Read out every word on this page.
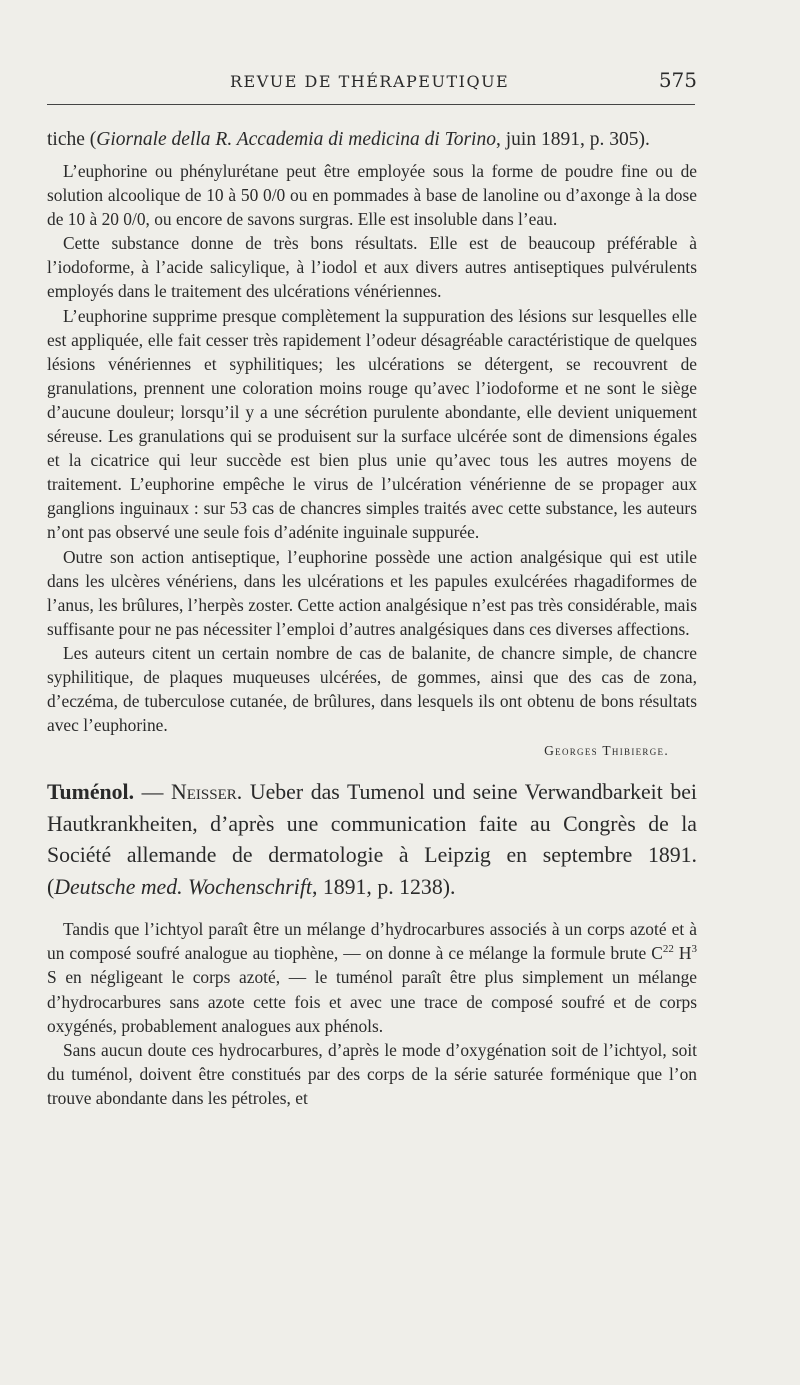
REVUE DE THÉRAPEUTIQUE	575

tiche (Giornale della R. Accademia di medicina di Torino, juin 1891, p. 305).

L’euphorine ou phénylurétane peut être employée sous la forme de poudre fine ou de solution alcoolique de 10 à 50 0/0 ou en pommades à base de lanoline ou d’axonge à la dose de 10 à 20 0/0, ou encore de savons surgras. Elle est insoluble dans l’eau.

Cette substance donne de très bons résultats. Elle est de beaucoup préférable à l’iodoforme, à l’acide salicylique, à l’iodol et aux divers autres antiseptiques pulvérulents employés dans le traitement des ulcérations vénériennes.

L’euphorine supprime presque complètement la suppuration des lésions sur lesquelles elle est appliquée, elle fait cesser très rapidement l’odeur désagréable caractéristique de quelques lésions vénériennes et syphilitiques; les ulcérations se détergent, se recouvrent de granulations, prennent une coloration moins rouge qu’avec l’iodoforme et ne sont le siège d’aucune douleur; lorsqu’il y a une sécrétion purulente abondante, elle devient uniquement séreuse. Les granulations qui se produisent sur la surface ulcérée sont de dimensions égales et la cicatrice qui leur succède est bien plus unie qu’avec tous les autres moyens de traitement. L’euphorine empêche le virus de l’ulcération vénérienne de se propager aux ganglions inguinaux : sur 53 cas de chancres simples traités avec cette substance, les auteurs n’ont pas observé une seule fois d’adénite inguinale suppurée.

Outre son action antiseptique, l’euphorine possède une action analgésique qui est utile dans les ulcères vénériens, dans les ulcérations et les papules exulcérées rhagadiformes de l’anus, les brûlures, l’herpès zoster. Cette action analgésique n’est pas très considérable, mais suffisante pour ne pas nécessiter l’emploi d’autres analgésiques dans ces diverses affections.

Les auteurs citent un certain nombre de cas de balanite, de chancre simple, de chancre syphilitique, de plaques muqueuses ulcérées, de gommes, ainsi que des cas de zona, d’eczéma, de tuberculose cutanée, de brûlures, dans lesquels ils ont obtenu de bons résultats avec l’euphorine.

Georges Thibierge.

Tuménol. — Neisser. Ueber das Tumenol und seine Verwandbarkeit bei Hautkrankheiten, d’après une communication faite au Congrès de la Société allemande de dermatologie à Leipzig en septembre 1891. (Deutsche med. Wochenschrift, 1891, p. 1238).

Tandis que l’ichtyol paraît être un mélange d’hydrocarbures associés à un corps azoté et à un composé soufré analogue au tiophène, — on donne à ce mélange la formule brute $C^{22}$ $H^3$ S en négligeant le corps azoté, — le tuménol paraît être plus simplement un mélange d’hydrocarbures sans azote cette fois et avec une trace de composé soufré et de corps oxygénés, probablement analogues aux phénols.

Sans aucun doute ces hydrocarbures, d’après le mode d’oxygénation soit de l’ichtyol, soit du tuménol, doivent être constitués par des corps de la série saturée forménique que l’on trouve abondante dans les pétroles, et
